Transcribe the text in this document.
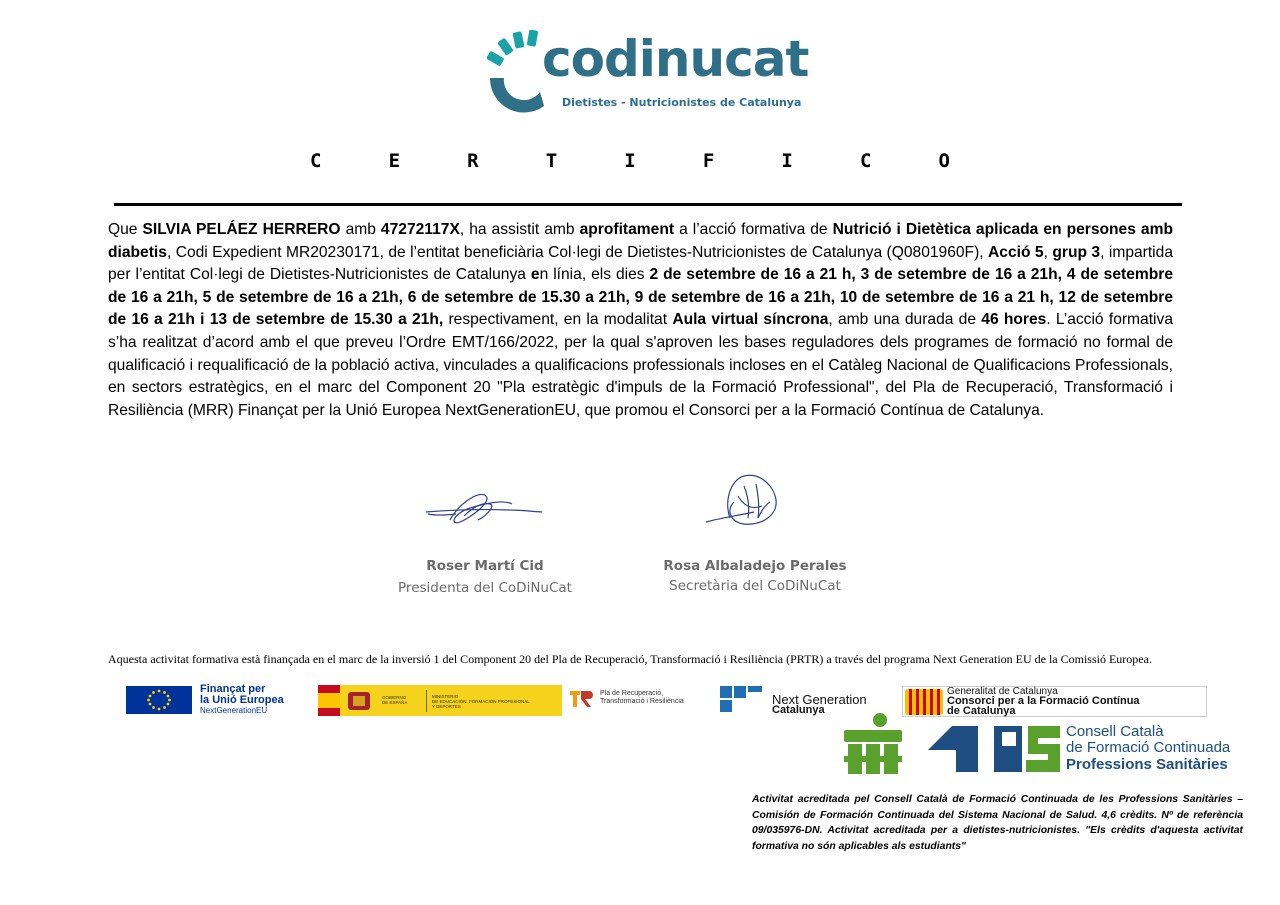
codinucat
Dietistes - Nutricionistes de Catalunya
C	E	R	T	I	F	I	C	O
Que SILVIA PELÁEZ HERRERO amb 47272117X, ha assistit amb aprofitament a l’acció formativa de Nutrició i Dietètica aplicada en persones amb diabetis, Codi Expedient MR20230171, de l’entitat beneficiària Col·legi de Dietistes-Nutricionistes de Catalunya (Q0801960F), Acció 5, grup 3, impartida per l’entitat Col·legi de Dietistes-Nutricionistes de Catalunya en línia, els dies 2 de setembre de 16 a 21 h, 3 de setembre de 16 a 21h, 4 de setembre de 16 a 21h, 5 de setembre de 16 a 21h, 6 de setembre de 15.30 a 21h, 9 de setembre de 16 a 21h, 10 de setembre de 16 a 21 h, 12 de setembre de 16 a 21h i 13 de setembre de 15.30 a 21h, respectivament, en la modalitat Aula virtual síncrona, amb una durada de 46 hores. L’acció formativa s’ha realitzat d’acord amb el que preveu l’Ordre EMT/166/2022, per la qual s'aproven les bases reguladores dels programes de formació no formal de qualificació i requalificació de la població activa, vinculades a qualificacions professionals incloses en el Catàleg Nacional de Qualificacions Professionals, en sectors estratègics, en el marc del Component 20 "Pla estratègic d'impuls de la Formació Professional", del Pla de Recuperació, Transformació i Resiliència (MRR) Finançat per la Unió Europea NextGenerationEU, que promou el Consorci per a la Formació Contínua de Catalunya.
Roser Martí Cid
Presidenta del CoDiNuCat
Rosa Albaladejo Perales
Secretària del CoDiNuCat
Aquesta activitat formativa està finançada en el marc de la inversió 1 del Component 20 del Pla de Recuperació, Transformació i Resiliència (PRTR) a través del programa Next Generation EU de la Comissió Europea.
Finançat per
la Unió Europea
NextGenerationEU
GOBIERNO
DE ESPAÑA
MINISTERIO
DE EDUCACIÓN, FORMACIÓN PROFESIONAL
Y DEPORTES
Pla de Recuperació,
Transformació i Resiliència	Next Generation
Catalunya
Generalitat de Catalunya
Consorci per a la Formació Contínua
de Catalunya
Consell Català
de Formació Continuada
Professions Sanitàries
Activitat acreditada pel Consell Català de Formació Continuada de les Professions Sanitàries – Comisión de Formación Continuada del Sistema Nacional de Salud. 4,6 crèdits. Nº de referència 09/035976-DN. Activitat acreditada per a dietistes-nutricionistes. "Els crèdits d'aquesta activitat formativa no són aplicables als estudiants"
